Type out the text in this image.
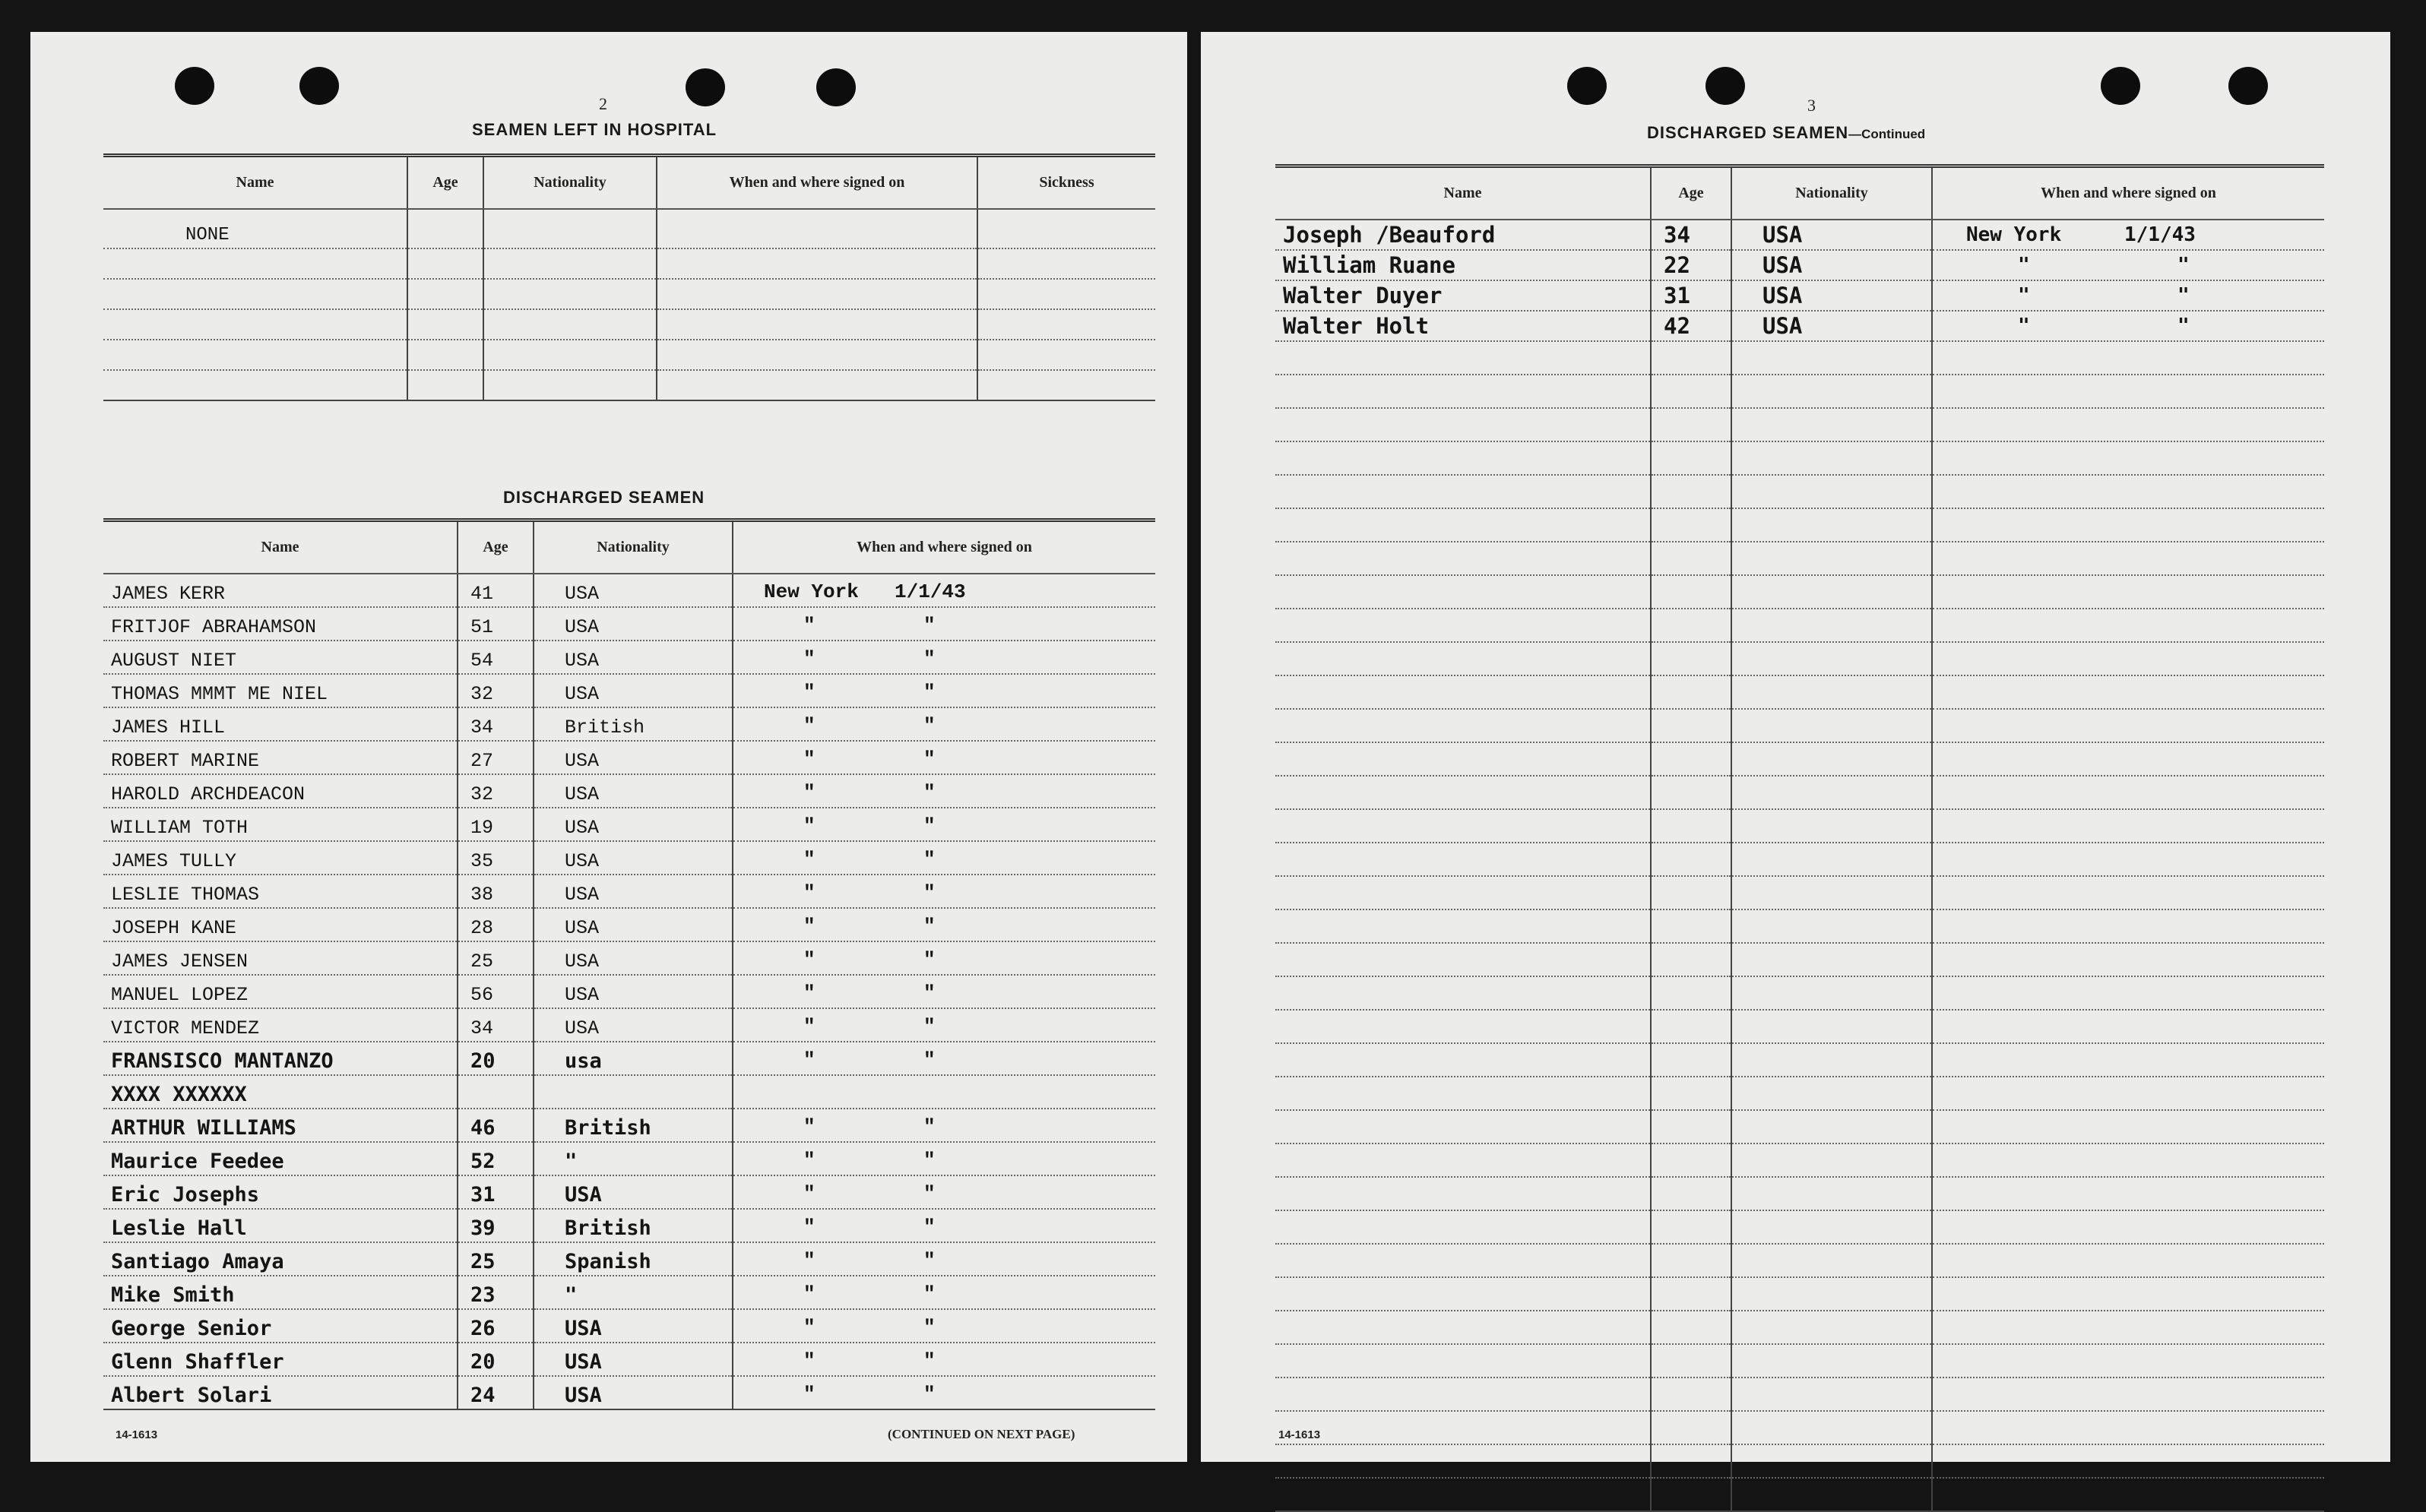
2
SEAMEN LEFT IN HOSPITAL
Name	Age	Nationality	When and where signed on	Sickness
NONE				

DISCHARGED SEAMEN
Name	Age	Nationality	When and where signed on
JAMES KERR	41	USA	New York 1/1/43

FRITJOF ABRAHAMSON	51	USA	" "

AUGUST NIET	54	USA	" "

THOMAS MMMT ME NIEL	32	USA	" "

JAMES HILL	34	British	" "

ROBERT MARINE	27	USA	" "

HAROLD ARCHDEACON	32	USA	" "

WILLIAM TOTH	19	USA	" "

JAMES TULLY	35	USA	" "

LESLIE THOMAS	38	USA	" "

JOSEPH KANE	28	USA	" "

JAMES JENSEN	25	USA	" "

MANUEL LOPEZ	56	USA	" "

VICTOR MENDEZ	34	USA	" "

FRANSISCO MANTANZO	20	usa	" "

XXXX XXXXXX			

ARTHUR WILLIAMS	46	British	" "

Maurice Feedee	52	"	" "

Eric Josephs	31	USA	" "

Leslie Hall	39	British	" "

Santiago Amaya	25	Spanish	" "

Mike Smith	23	"	" "

George Senior	26	USA	" "

Glenn Shaffler	20	USA	" "

Albert Solari	24	USA	" "
14-1613	(CONTINUED ON NEXT PAGE)
3
DISCHARGED SEAMEN—Continued
Name	Age	Nationality	When and where signed on
Joseph /Beauford	34	USA	New York 1/1/43

William Ruane	22	USA	" "

Walter Duyer	31	USA	" "

Walter Holt	42	USA	" "

14-1613
